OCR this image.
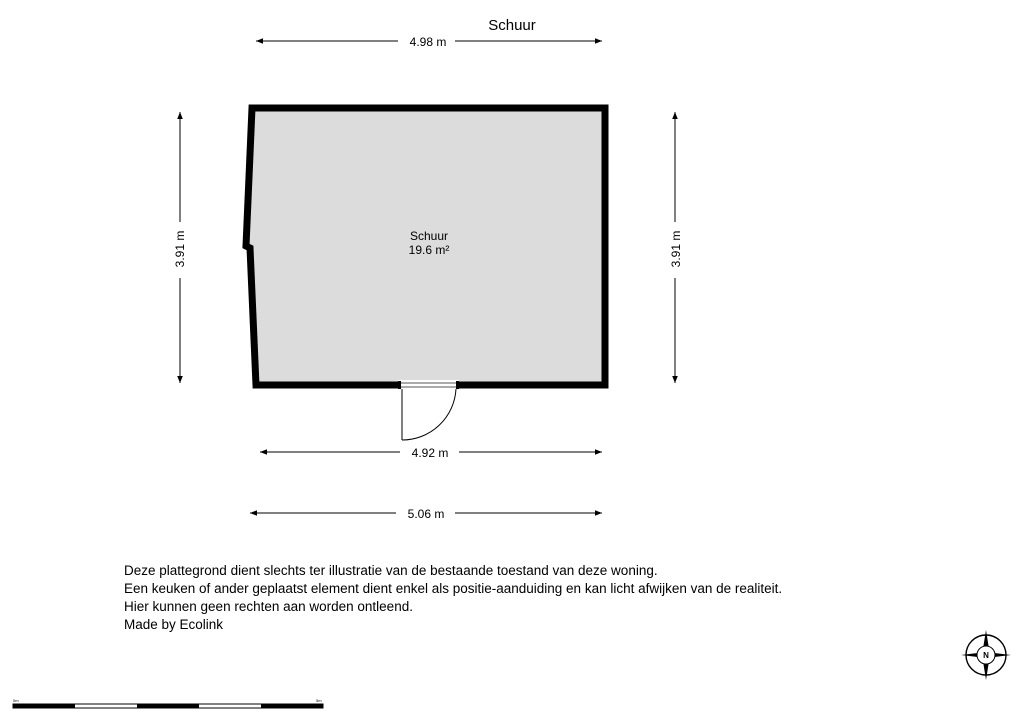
Schuur
4.98 m
3.91 m	3.91 m
Schuur
19.6 m²
4.92 m
5.06 m
N
0m	5m
Deze plattegrond dient slechts ter illustratie van de bestaande toestand van deze woning.
Een keuken of ander geplaatst element dient enkel als positie-aanduiding en kan licht afwijken van de realiteit.
Hier kunnen geen rechten aan worden ontleend.
Made by Ecolink
